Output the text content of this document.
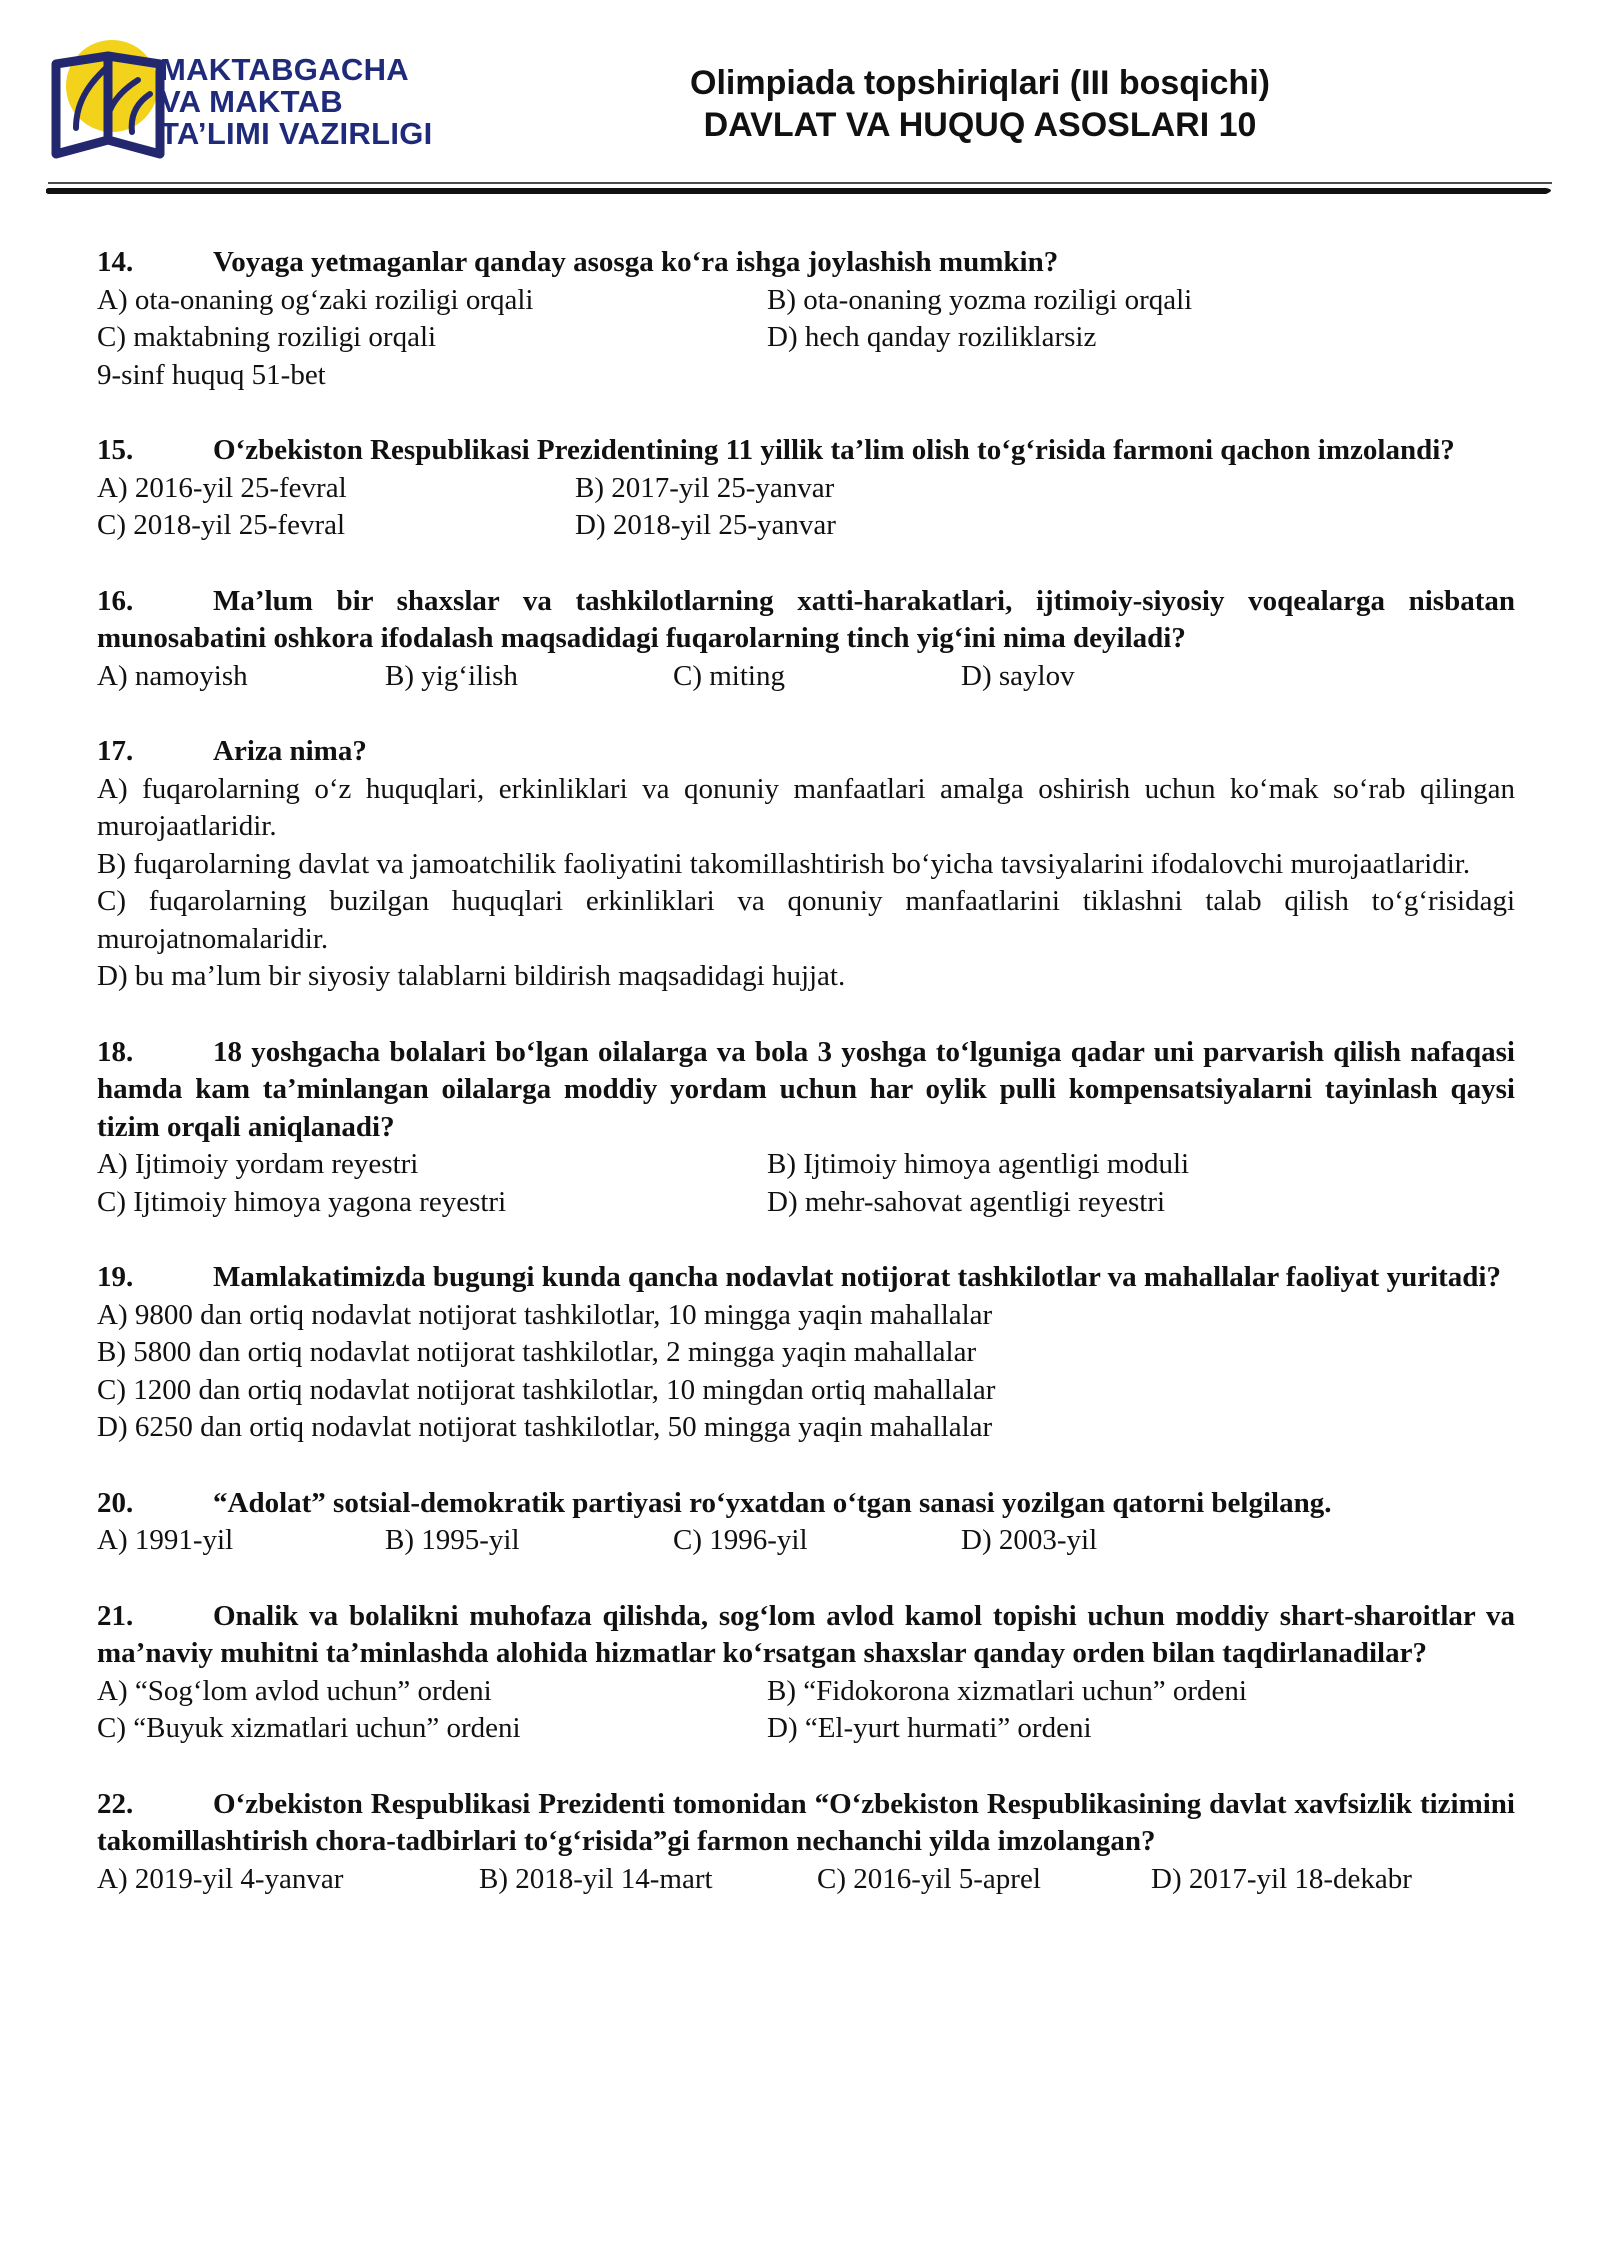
MAKTABGACHA
VA MAKTAB
TA’LIMI VAZIRLIGI
Olimpiada topshiriqlari (III bosqichi)
DAVLAT VA HUQUQ ASOSLARI 10
14.	Voyaga yetmaganlar qanday asosga ko‘ra ishga joylashish mumkin?
A) ota-onaning og‘zaki roziligi orqali	B) ota-onaning yozma roziligi orqali
C) maktabning roziligi orqali	D) hech qanday roziliklarsiz
9-sinf huquq 51-bet
15.	O‘zbekiston Respublikasi Prezidentining 11 yillik ta’lim olish to‘g‘risida farmoni qachon imzolandi?
A) 2016-yil 25-fevral	B) 2017-yil 25-yanvar
C) 2018-yil 25-fevral	D) 2018-yil 25-yanvar
16.	Ma’lum bir shaxslar va tashkilotlarning xatti-harakatlari, ijtimoiy-siyosiy voqealarga nisbatan munosabatini oshkora ifodalash maqsadidagi fuqarolarning tinch yig‘ini nima deyiladi?
A) namoyish	B) yig‘ilish	C) miting	D) saylov
17.	Ariza nima?
A) fuqarolarning o‘z huquqlari, erkinliklari va qonuniy manfaatlari amalga oshirish uchun ko‘mak so‘rab qilingan murojaatlaridir.
B) fuqarolarning davlat va jamoatchilik faoliyatini takomillashtirish bo‘yicha tavsiyalarini ifodalovchi murojaatlaridir.
C) fuqarolarning buzilgan huquqlari erkinliklari va qonuniy manfaatlarini tiklashni talab qilish to‘g‘risidagi murojatnomalaridir.
D) bu ma’lum bir siyosiy talablarni bildirish maqsadidagi hujjat.
18.	18 yoshgacha bolalari bo‘lgan oilalarga va bola 3 yoshga to‘lguniga qadar uni parvarish qilish nafaqasi hamda kam ta’minlangan oilalarga moddiy yordam uchun har oylik pulli kompensatsiyalarni tayinlash qaysi tizim orqali aniqlanadi?
A) Ijtimoiy yordam reyestri	B) Ijtimoiy himoya agentligi moduli
C) Ijtimoiy himoya yagona reyestri	D) mehr-sahovat agentligi reyestri
19.	Mamlakatimizda bugungi kunda qancha nodavlat notijorat tashkilotlar va mahallalar faoliyat yuritadi?
A) 9800 dan ortiq nodavlat notijorat tashkilotlar, 10 mingga yaqin mahallalar
B) 5800 dan ortiq nodavlat notijorat tashkilotlar, 2 mingga yaqin mahallalar
C) 1200 dan ortiq nodavlat notijorat tashkilotlar, 10 mingdan ortiq mahallalar
D) 6250 dan ortiq nodavlat notijorat tashkilotlar, 50 mingga yaqin mahallalar
20.	“Adolat” sotsial-demokratik partiyasi ro‘yxatdan o‘tgan sanasi yozilgan qatorni belgilang.
A) 1991-yil	B) 1995-yil	C) 1996-yil	D) 2003-yil
21.	Onalik va bolalikni muhofaza qilishda, sog‘lom avlod kamol topishi uchun moddiy shart-sharoitlar va ma’naviy muhitni ta’minlashda alohida hizmatlar ko‘rsatgan shaxslar qanday orden bilan taqdirlanadilar?
A) “Sog‘lom avlod uchun” ordeni	B) “Fidokorona xizmatlari uchun” ordeni
C) “Buyuk xizmatlari uchun” ordeni	D) “El-yurt hurmati” ordeni
22.	O‘zbekiston Respublikasi Prezidenti tomonidan “O‘zbekiston Respublikasining davlat xavfsizlik tizimini takomillashtirish chora-tadbirlari to‘g‘risida”gi farmon nechanchi yilda imzolangan?
A) 2019-yil 4-yanvar	B) 2018-yil 14-mart	C) 2016-yil 5-aprel	D) 2017-yil 18-dekabr
